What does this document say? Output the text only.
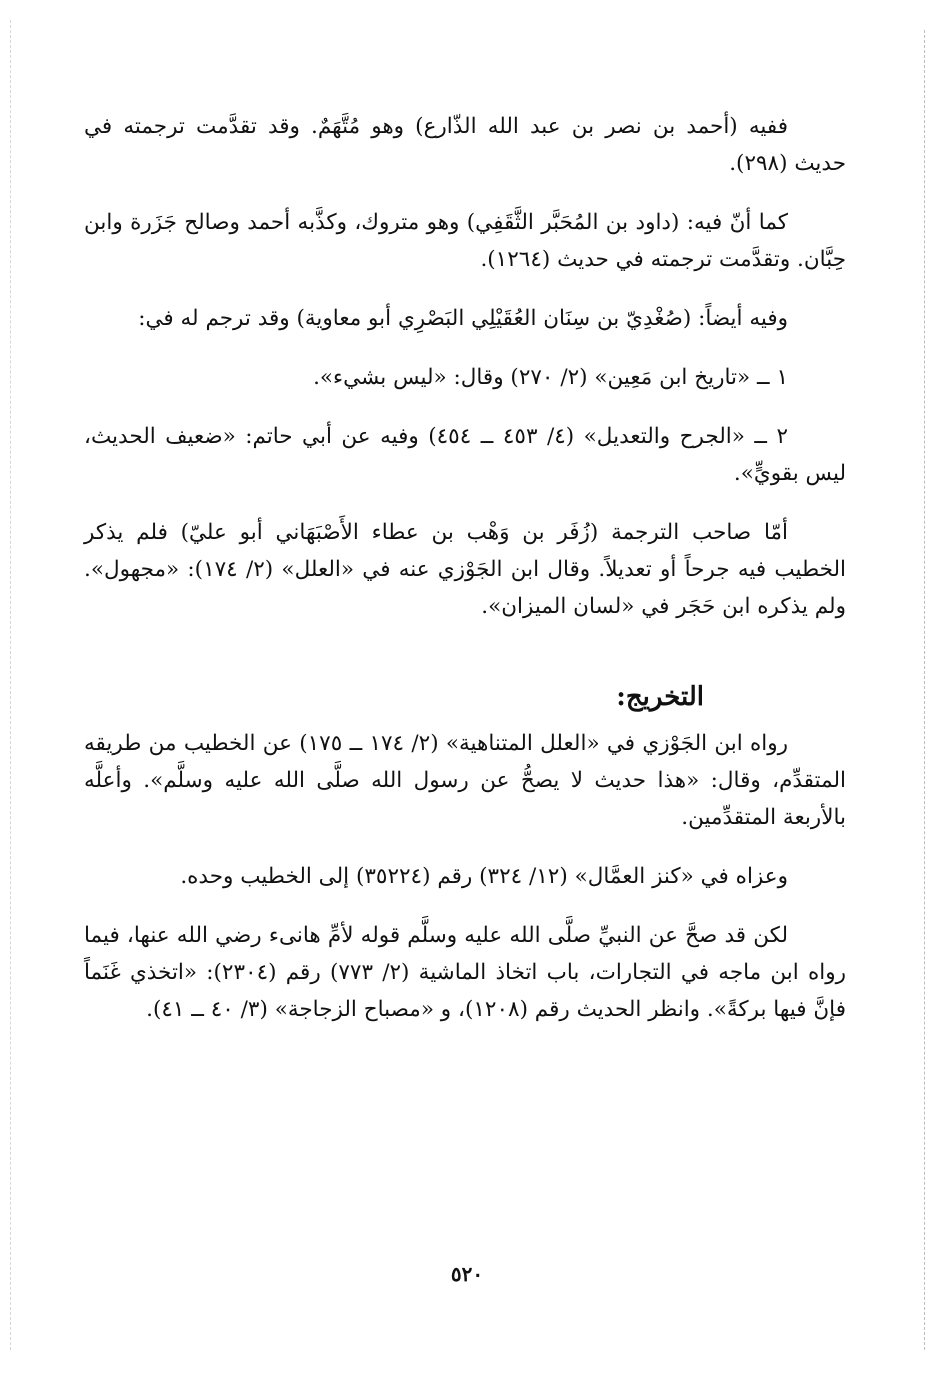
ففيه (أحمد بن نصر بن عبد الله الذّارع) وهو مُتَّهَمٌ. وقد تقدَّمت ترجمته في حديث (٢٩٨).

كما أنّ فيه: (داود بن المُحَبَّر الثَّقَفِي) وهو متروك، وكذَّبه أحمد وصالح جَزَرة وابن حِبَّان. وتقدَّمت ترجمته في حديث (١٢٦٤).

وفيه أيضاً: (صُغْدِيّ بن سِنَان العُقَيْلِي البَصْرِي أبو معاوية) وقد ترجم له في:

١ ــ «تاريخ ابن مَعِين» (٢/ ٢٧٠) وقال: «ليس بشيء».

٢ ــ «الجرح والتعديل» (٤/ ٤٥٣ ــ ٤٥٤) وفيه عن أبي حاتم: «ضعيف الحديث، ليس بقويٍّ».

أمّا صاحب الترجمة (زُفَر بن وَهْب بن عطاء الأَصْبَهَاني أبو عليّ) فلم يذكر الخطيب فيه جرحاً أو تعديلاً. وقال ابن الجَوْزي عنه في «العلل» (٢/ ١٧٤): «مجهول». ولم يذكره ابن حَجَر في «لسان الميزان».

التخريج:

رواه ابن الجَوْزي في «العلل المتناهية» (٢/ ١٧٤ ــ ١٧٥) عن الخطيب من طريقه المتقدِّم، وقال: «هذا حديث لا يصحُّ عن رسول الله صلَّى الله عليه وسلَّم». وأعلَّه بالأربعة المتقدِّمين.

وعزاه في «كنز العمَّال» (١٢/ ٣٢٤) رقم (٣٥٢٢٤) إلى الخطيب وحده.

لكن قد صحَّ عن النبيِّ صلَّى الله عليه وسلَّم قوله لأمِّ هانىء رضي الله عنها، فيما رواه ابن ماجه في التجارات، باب اتخاذ الماشية (٢/ ٧٧٣) رقم (٢٣٠٤): «اتخذي غَنَماً فإنَّ فيها بركةً». وانظر الحديث رقم (١٢٠٨)، و «مصباح الزجاجة» (٣/ ٤٠ ــ ٤١).

٥٢٠
